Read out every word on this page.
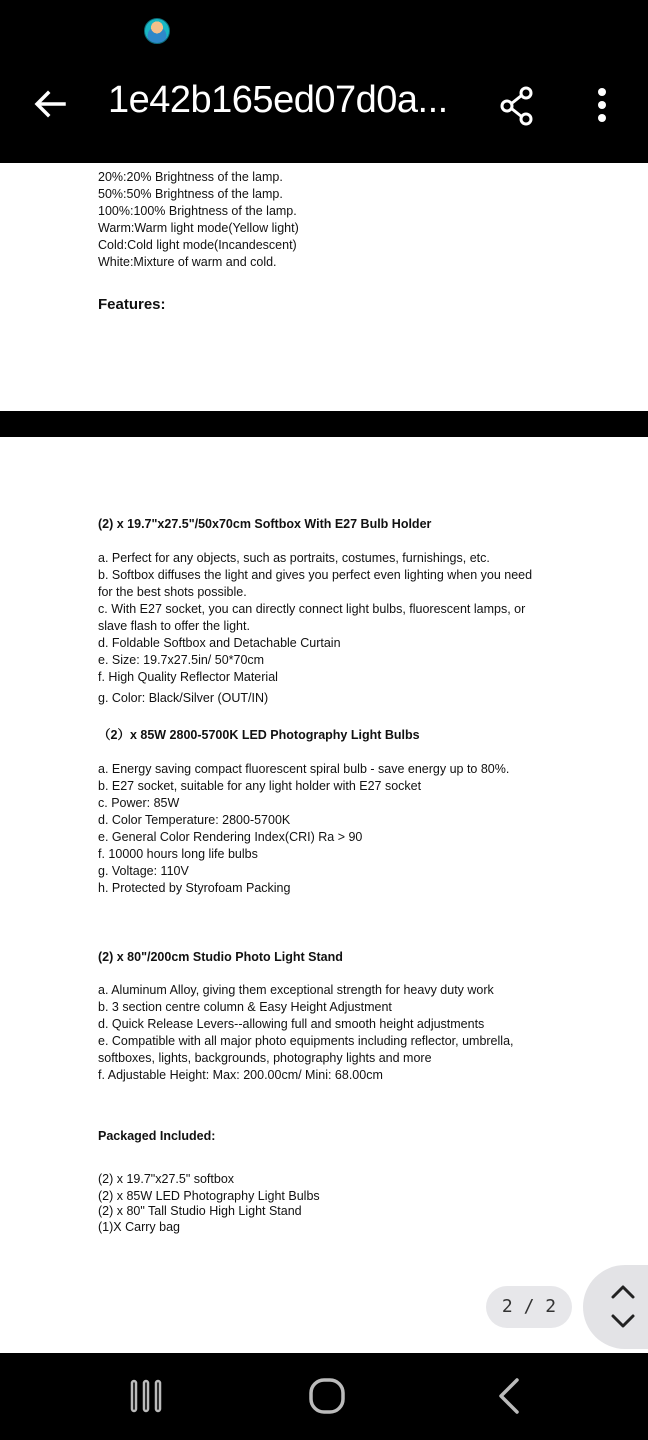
1e42b165ed07d0a...
20%:20% Brightness of the lamp.
50%:50% Brightness of the lamp.
100%:100% Brightness of the lamp.
Warm:Warm light mode(Yellow light)
Cold:Cold light mode(Incandescent)
White:Mixture of warm and cold.
Features:
(2) x 19.7"x27.5"/50x70cm Softbox With E27 Bulb Holder
a. Perfect for any objects, such as portraits, costumes, furnishings, etc.
b. Softbox diffuses the light and gives you perfect even lighting when you need
for the best shots possible.
c. With E27 socket, you can directly connect light bulbs, fluorescent lamps, or
slave flash to offer the light.
d. Foldable Softbox and Detachable Curtain
e. Size: 19.7x27.5in/ 50*70cm
f. High Quality Reflector Material
g. Color: Black/Silver (OUT/IN)
（2）x 85W 2800-5700K LED Photography Light Bulbs
a. Energy saving compact fluorescent spiral bulb - save energy up to 80%.
b. E27 socket, suitable for any light holder with E27 socket
c. Power: 85W
d. Color Temperature: 2800-5700K
e. General Color Rendering Index(CRI) Ra > 90
f. 10000 hours long life bulbs
g. Voltage: 110V
h. Protected by Styrofoam Packing
(2) x 80"/200cm Studio Photo Light Stand
a. Aluminum Alloy, giving them exceptional strength for heavy duty work
b. 3 section centre column & Easy Height Adjustment
d. Quick Release Levers--allowing full and smooth height adjustments
e. Compatible with all major photo equipments including reflector, umbrella,
softboxes, lights, backgrounds, photography lights and more
f. Adjustable Height: Max: 200.00cm/ Mini: 68.00cm
Packaged Included:
(2) x 19.7"x27.5" softbox
(2) x 85W LED Photography Light Bulbs
(2) x 80" Tall Studio High Light Stand
(1)X Carry bag
2 / 2
